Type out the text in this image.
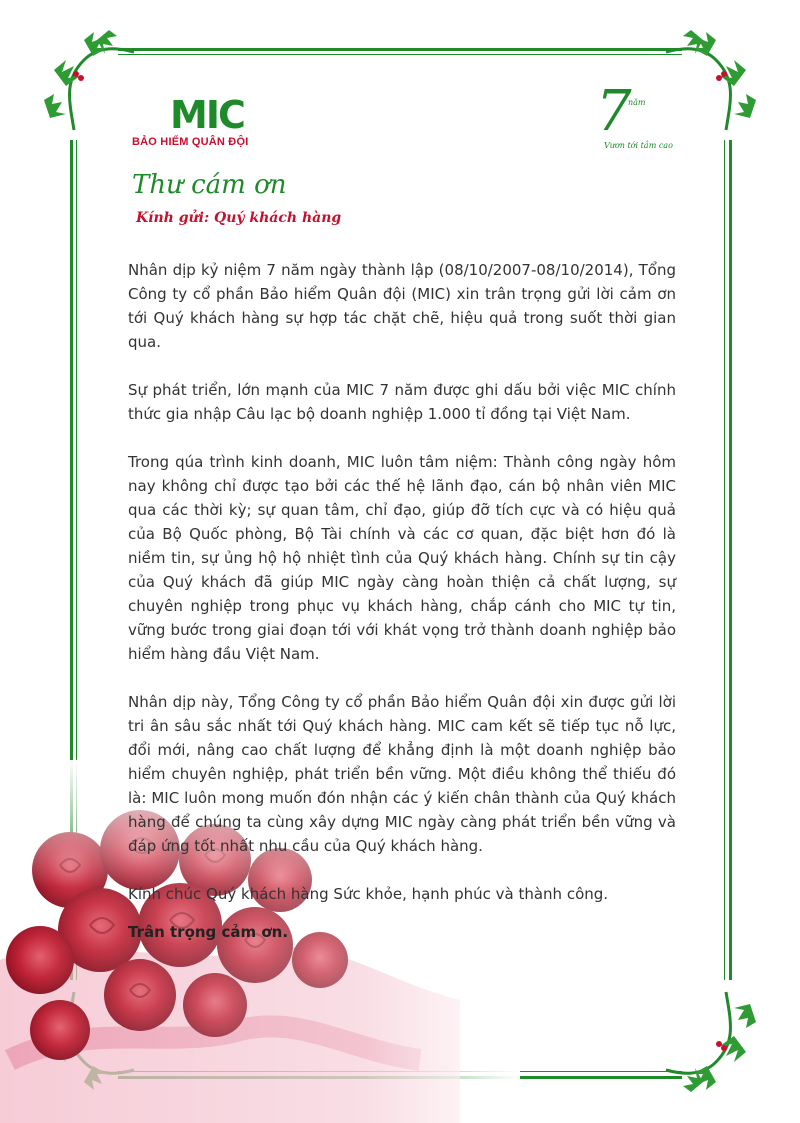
MIC
BẢO HIỂM QUÂN ĐỘI	7
năm
Vươn tới tầm cao
Thư cám ơn
Kính gửi: Quý khách hàng

Nhân dịp kỷ niệm 7 năm ngày thành lập (08/10/2007-08/10/2014), Tổng Công ty cổ phần Bảo hiểm Quân đội (MIC) xin trân trọng gửi lời cảm ơn tới Quý khách hàng sự hợp tác chặt chẽ, hiệu quả trong suốt thời gian qua.

Sự phát triển, lớn mạnh của MIC 7 năm được ghi dấu bởi việc MIC chính thức gia nhập Câu lạc bộ doanh nghiệp 1.000 tỉ đồng tại Việt Nam.

Trong qúa trình kinh doanh, MIC luôn tâm niệm: Thành công ngày hôm nay không chỉ được tạo bởi các thế hệ lãnh đạo, cán bộ nhân viên MIC qua các thời kỳ; sự quan tâm, chỉ đạo, giúp đỡ tích cực và có hiệu quả của Bộ Quốc phòng, Bộ Tài chính và các cơ quan, đặc biệt hơn đó là niềm tin, sự ủng hộ hộ nhiệt tình của Quý khách hàng. Chính sự tin cậy của Quý khách đã giúp MIC ngày càng hoàn thiện cả chất lượng, sự chuyên nghiệp trong phục vụ khách hàng, chắp cánh cho MIC tự tin, vững bước trong giai đoạn tới với khát vọng trở thành doanh nghiệp bảo hiểm hàng đầu Việt Nam.

Nhân dịp này, Tổng Công ty cổ phần Bảo hiểm Quân đội xin được gửi lời tri ân sâu sắc nhất tới Quý khách hàng. MIC cam kết sẽ tiếp tục nỗ lực, đổi mới, nâng cao chất lượng để khẳng định là một doanh nghiệp bảo hiểm chuyên nghiệp, phát triển bền vững. Một điều không thể thiếu đó là: MIC luôn mong muốn đón nhận các ý kiến chân thành của Quý khách hàng để chúng ta cùng xây dựng MIC ngày càng phát triển bền vững và đáp ứng tốt nhất nhu cầu của Quý khách hàng.

Kính chúc Quý khách hàng Sức khỏe, hạnh phúc và thành công.

Trân trọng cảm ơn.
